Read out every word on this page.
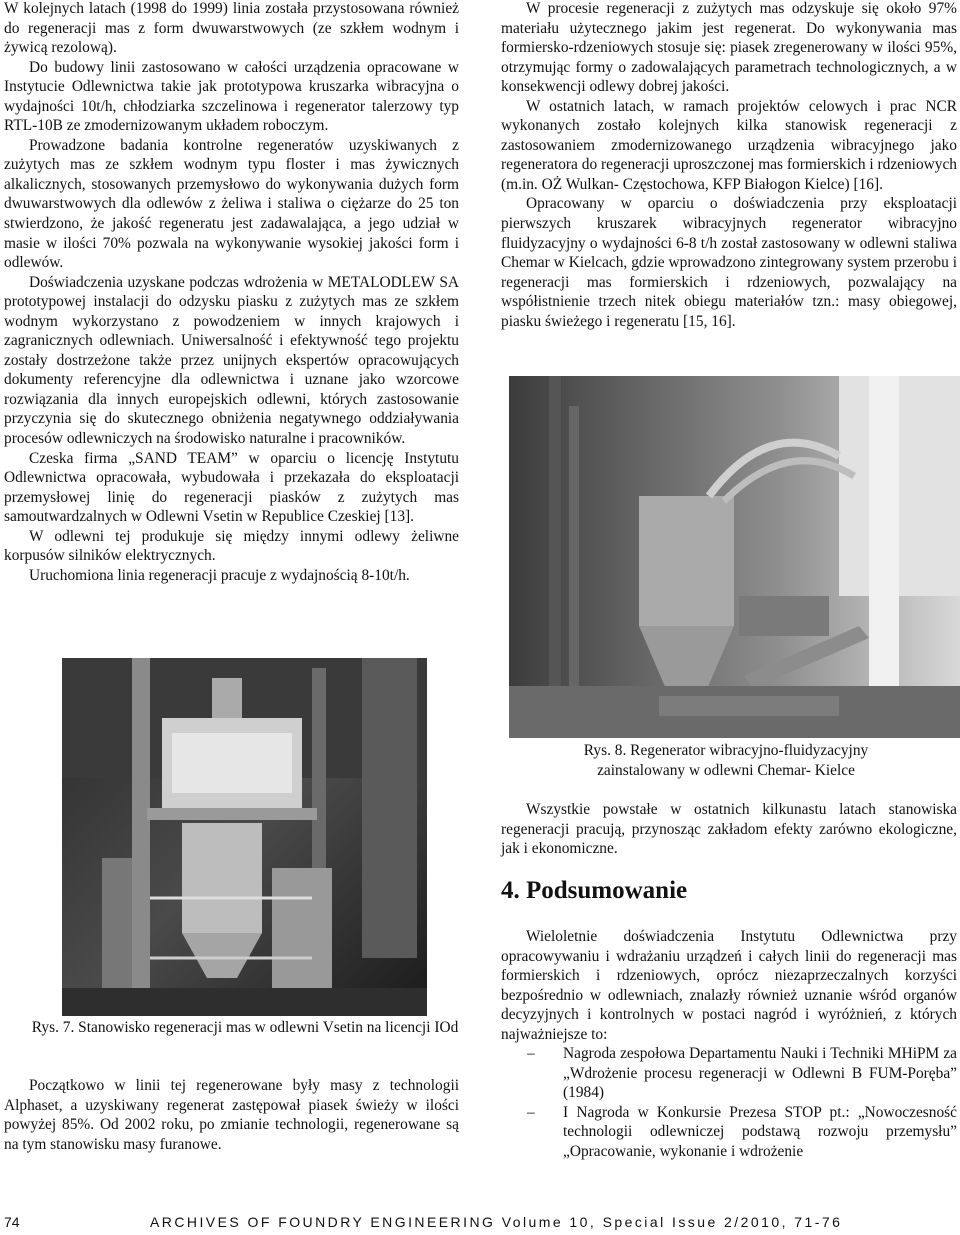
W kolejnych latach (1998 do 1999) linia została przystosowana również do regeneracji mas z form dwuwarstwowych (ze szkłem wodnym i żywicą rezolową).

Do budowy linii zastosowano w całości urządzenia opracowane w Instytucie Odlewnictwa takie jak prototypowa kruszarka wibracyjna o wydajności 10t/h, chłodziarka szczelinowa i regenerator talerzowy typ RTL-10B ze zmodernizowanym układem roboczym.

Prowadzone badania kontrolne regeneratów uzyskiwanych z zużytych mas ze szkłem wodnym typu floster i mas żywicznych alkalicznych, stosowanych przemysłowo do wykonywania dużych form dwuwarstwowych dla odlewów z żeliwa i staliwa o ciężarze do 25 ton stwierdzono, że jakość regeneratu jest zadawalająca, a jego udział w masie w ilości 70% pozwala na wykonywanie wysokiej jakości form i odlewów.

Doświadczenia uzyskane podczas wdrożenia w METALODLEW SA prototypowej instalacji do odzysku piasku z zużytych mas ze szkłem wodnym wykorzystano z powodzeniem w innych krajowych i zagranicznych odlewniach. Uniwersalność i efektywność tego projektu zostały dostrzeżone także przez unijnych ekspertów opracowujących dokumenty referencyjne dla odlewnictwa i uznane jako wzorcowe rozwiązania dla innych europejskich odlewni, których zastosowanie przyczynia się do skutecznego obniżenia negatywnego oddziaływania procesów odlewniczych na środowisko naturalne i pracowników.

Czeska firma „SAND TEAM” w oparciu o licencję Instytutu Odlewnictwa opracowała, wybudowała i przekazała do eksploatacji przemysłowej linię do regeneracji piasków z zużytych mas samoutwardzalnych w Odlewni Vsetin w Republice Czeskiej [13].

W odlewni tej produkuje się między innymi odlewy żeliwne korpusów silników elektrycznych.

Uruchomiona linia regeneracji pracuje z wydajnością 8-10t/h.

Rys. 7. Stanowisko regeneracji mas w odlewni Vsetin na licencji IOd

Początkowo w linii tej regenerowane były masy z technologii Alphaset, a uzyskiwany regenerat zastępował piasek świeży w ilości powyżej 85%. Od 2002 roku, po zmianie technologii, regenerowane są na tym stanowisku masy furanowe.

W procesie regeneracji z zużytych mas odzyskuje się około 97% materiału użytecznego jakim jest regenerat. Do wykonywania mas formiersko-rdzeniowych stosuje się: piasek zregenerowany w ilości 95%, otrzymując formy o zadowalających parametrach technologicznych, a w konsekwencji odlewy dobrej jakości.

W ostatnich latach, w ramach projektów celowych i prac NCR wykonanych zostało kolejnych kilka stanowisk regeneracji z zastosowaniem zmodernizowanego urządzenia wibracyjnego jako regeneratora do regeneracji uproszczonej mas formierskich i rdzeniowych (m.in. OŻ Wulkan- Częstochowa, KFP Białogon Kielce) [16].

Opracowany w oparciu o doświadczenia przy eksploatacji pierwszych kruszarek wibracyjnych regenerator wibracyjno fluidyzacyjny o wydajności 6-8 t/h został zastosowany w odlewni staliwa Chemar w Kielcach, gdzie wprowadzono zintegrowany system przerobu i regeneracji mas formierskich i rdzeniowych, pozwalający na współistnienie trzech nitek obiegu materiałów tzn.: masy obiegowej, piasku świeżego i regeneratu [15, 16].

Rys. 8. Regenerator wibracyjno-fluidyzacyjny zainstalowany w odlewni Chemar- Kielce

Wszystkie powstałe w ostatnich kilkunastu latach stanowiska regeneracji pracują, przynosząc zakładom efekty zarówno ekologiczne, jak i ekonomiczne.

4. Podsumowanie

Wieloletnie doświadczenia Instytutu Odlewnictwa przy opracowywaniu i wdrażaniu urządzeń i całych linii do regeneracji mas formierskich i rdzeniowych, oprócz niezaprzeczalnych korzyści bezpośrednio w odlewniach, znalazły również uznanie wśród organów decyzyjnych i kontrolnych w postaci nagród i wyróżnień, z których najważniejsze to:

– Nagroda zespołowa Departamentu Nauki i Techniki MHiPM za „Wdrożenie procesu regeneracji w Odlewni B FUM-Poręba” (1984)
– I Nagroda w Konkursie Prezesa STOP pt.: „Nowoczesność technologii odlewniczej podstawą rozwoju przemysłu” „Opracowanie, wykonanie i wdrożenie
74	ARCHIVES OF FOUNDRY ENGINEERING Volume 10, Special Issue 2/2010, 71-76
